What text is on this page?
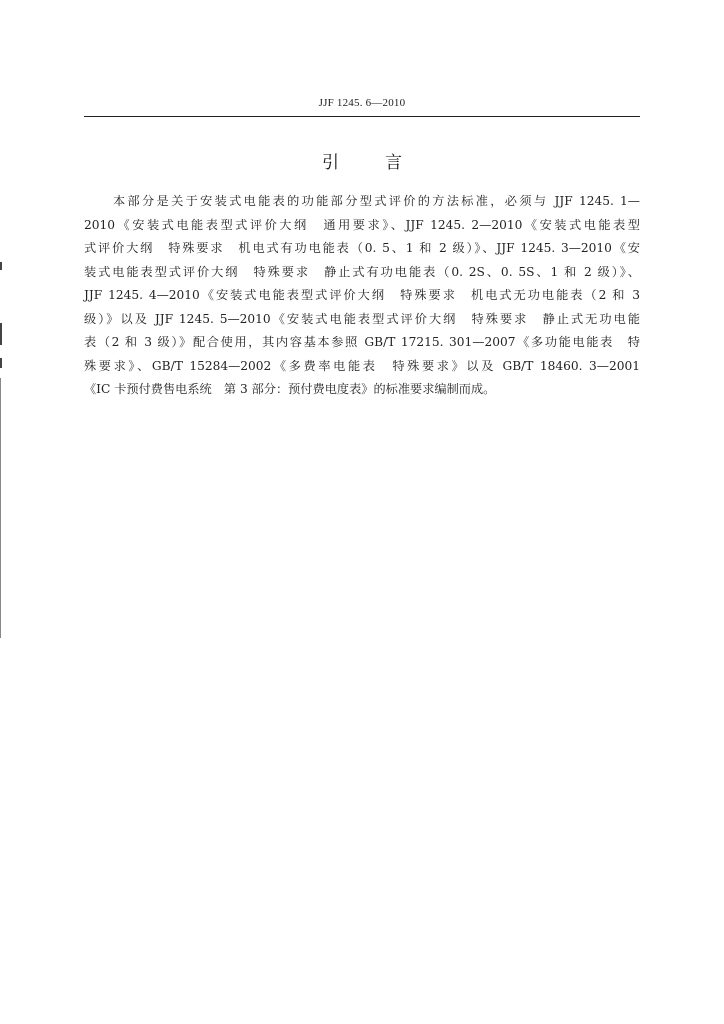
JJF 1245. 6—2010
引	言
　　本部分是关于安装式电能表的功能部分型式评价的方法标准，必须与 JJF 1245. 1—
2010《安装式电能表型式评价大纲　通用要求》、JJF 1245. 2—2010《安装式电能表型
式评价大纲　特殊要求　机电式有功电能表（0. 5、1 和 2 级）》、JJF 1245. 3—2010《安
装式电能表型式评价大纲　特殊要求　静止式有功电能表（0. 2S、0. 5S、1 和 2 级）》、
JJF 1245. 4—2010《安装式电能表型式评价大纲　特殊要求　机电式无功电能表（2 和 3
级）》以及 JJF 1245. 5—2010《安装式电能表型式评价大纲　特殊要求　静止式无功电能
表（2 和 3 级）》配合使用，其内容基本参照 GB/T 17215. 301—2007《多功能电能表　特
殊要求》、GB/T 15284—2002《多费率电能表　特殊要求》以及 GB/T 18460. 3—2001
《IC 卡预付费售电系统　第 3 部分：预付费电度表》的标准要求编制而成。
